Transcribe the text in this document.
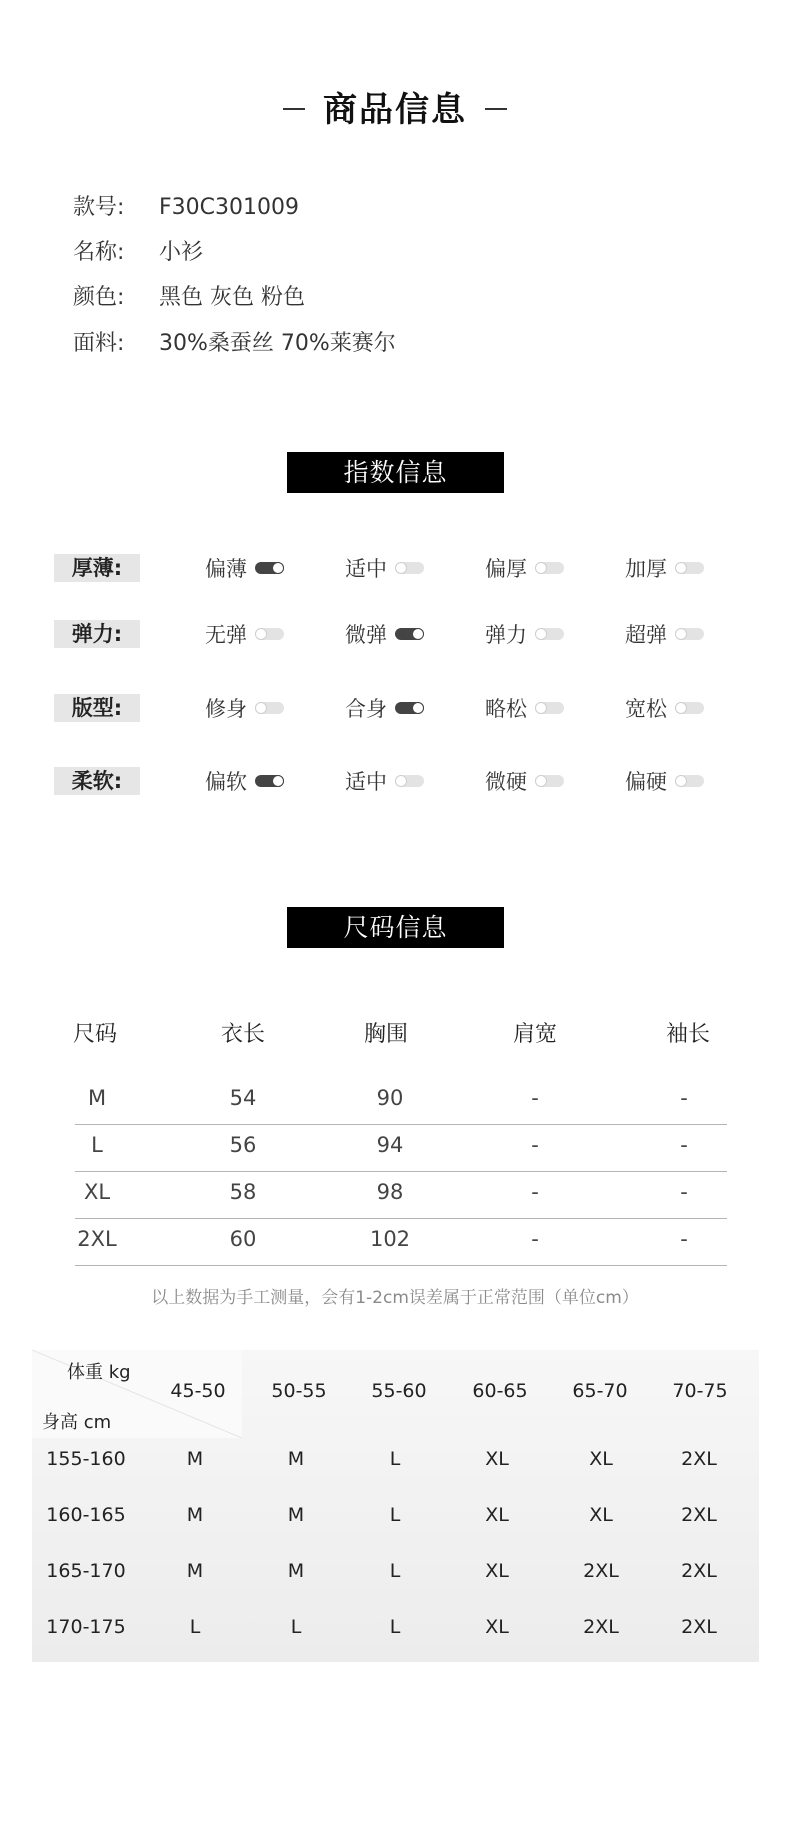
商品信息
款号: F30C301009
名称: 小衫
颜色: 黑色 灰色 粉色
面料: 30%桑蚕丝 70%莱赛尔
指数信息
厚薄:	偏薄	适中	偏厚	加厚
弹力:	无弹	微弹	弹力	超弹
版型:	修身	合身	略松	宽松
柔软:	偏软	适中	微硬	偏硬
尺码信息
尺码	衣长	胸围	肩宽	袖长
M	54	90	-	-
L	56	94	-	-
XL	58	98	-	-
2XL	60	102	-	-
以上数据为手工测量，会有1-2cm误差属于正常范围（单位cm）
体重 kg
身高 cm
45-50 50-55 55-60 60-65 65-70 70-75
155-160	M	M	L	XL	XL	2XL
160-165	M	M	L	XL	XL	2XL
165-170	M	M	L	XL	2XL	2XL
170-175	L	L	L	XL	2XL	2XL
